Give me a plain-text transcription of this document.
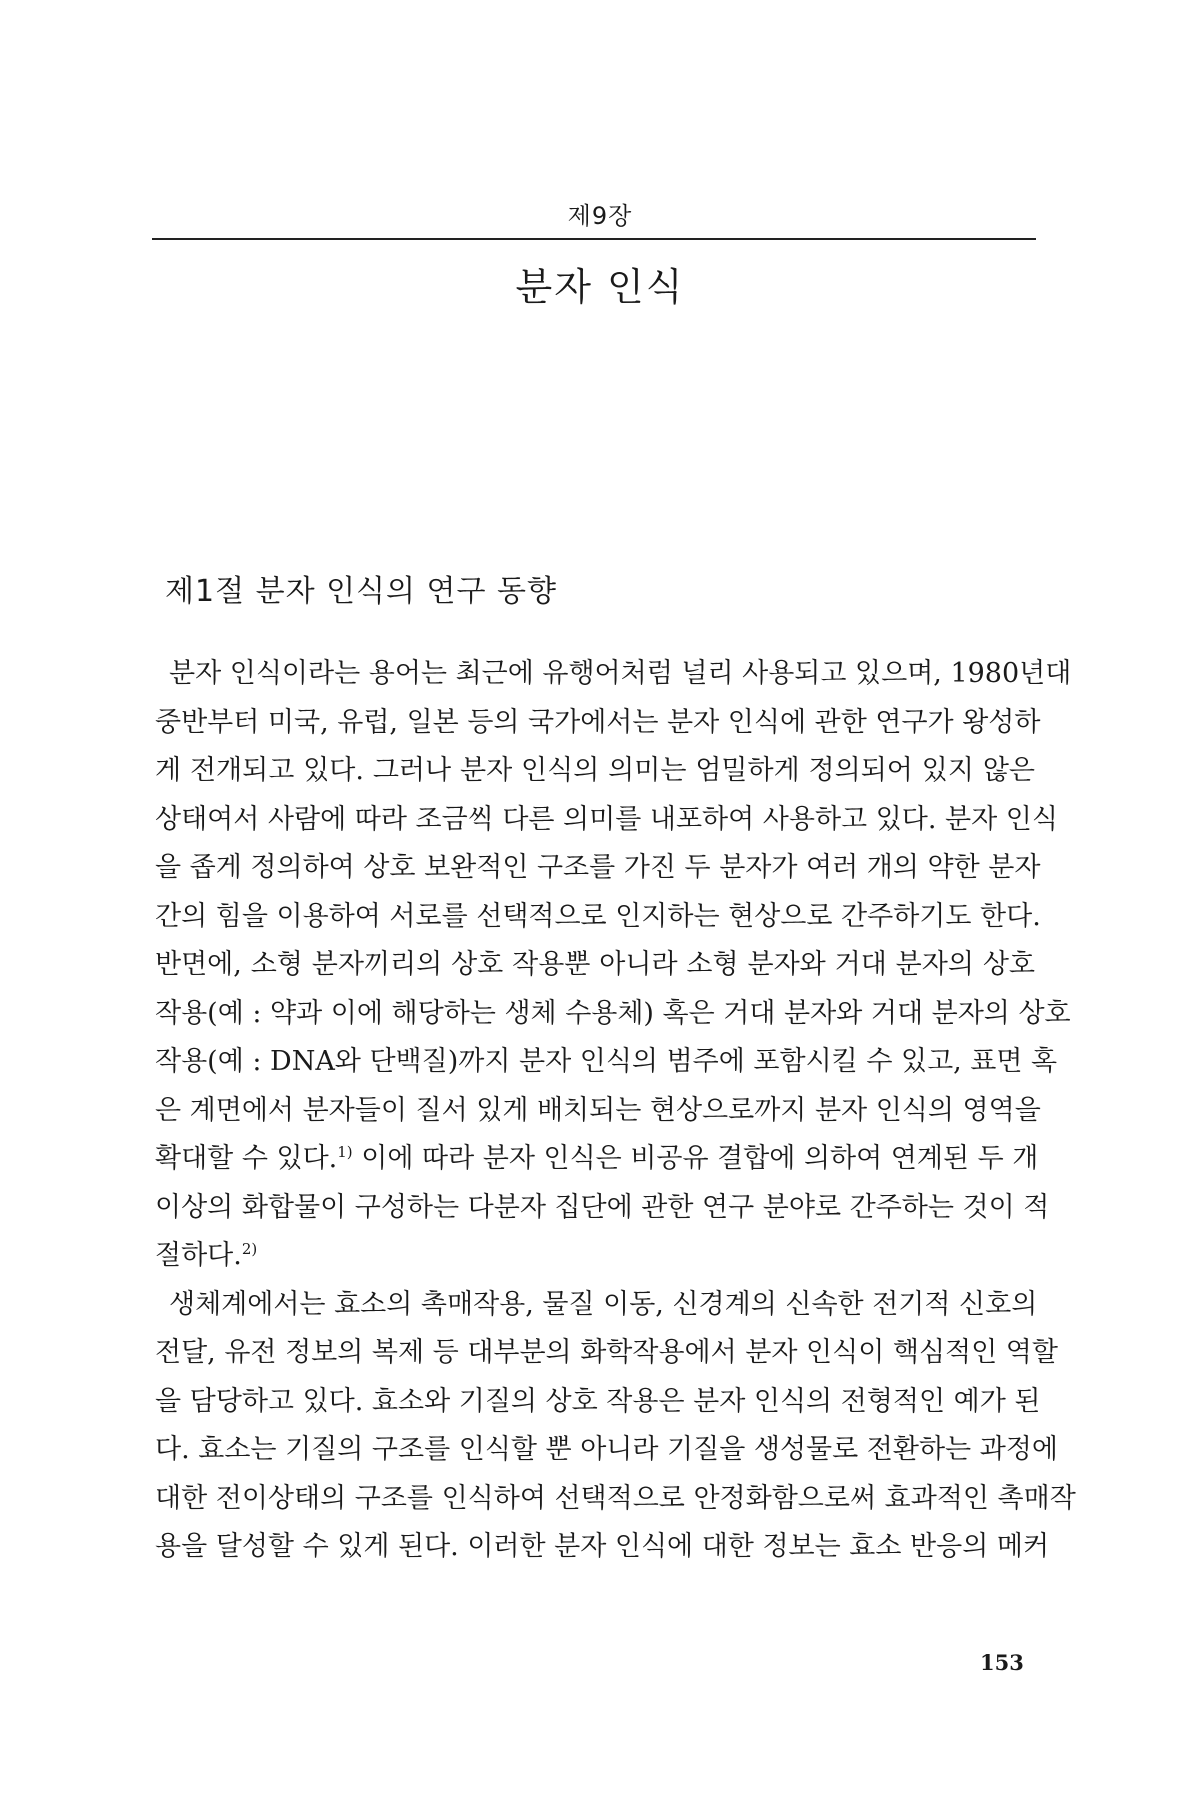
제9장
분자 인식
제1절 분자 인식의 연구 동향

분자 인식이라는 용어는 최근에 유행어처럼 널리 사용되고 있으며, 1980년대
중반부터 미국, 유럽, 일본 등의 국가에서는 분자 인식에 관한 연구가 왕성하
게 전개되고 있다. 그러나 분자 인식의 의미는 엄밀하게 정의되어 있지 않은
상태여서 사람에 따라 조금씩 다른 의미를 내포하여 사용하고 있다. 분자 인식
을 좁게 정의하여 상호 보완적인 구조를 가진 두 분자가 여러 개의 약한 분자
간의 힘을 이용하여 서로를 선택적으로 인지하는 현상으로 간주하기도 한다.
반면에, 소형 분자끼리의 상호 작용뿐 아니라 소형 분자와 거대 분자의 상호
작용(예 : 약과 이에 해당하는 생체 수용체) 혹은 거대 분자와 거대 분자의 상호
작용(예 : DNA와 단백질)까지 분자 인식의 범주에 포함시킬 수 있고, 표면 혹
은 계면에서 분자들이 질서 있게 배치되는 현상으로까지 분자 인식의 영역을
확대할 수 있다.$^{1)}$ 이에 따라 분자 인식은 비공유 결합에 의하여 연계된 두 개
이상의 화합물이 구성하는 다분자 집단에 관한 연구 분야로 간주하는 것이 적
절하다.$^{2)}$

생체계에서는 효소의 촉매작용, 물질 이동, 신경계의 신속한 전기적 신호의
전달, 유전 정보의 복제 등 대부분의 화학작용에서 분자 인식이 핵심적인 역할
을 담당하고 있다. 효소와 기질의 상호 작용은 분자 인식의 전형적인 예가 된
다. 효소는 기질의 구조를 인식할 뿐 아니라 기질을 생성물로 전환하는 과정에
대한 전이상태의 구조를 인식하여 선택적으로 안정화함으로써 효과적인 촉매작
용을 달성할 수 있게 된다. 이러한 분자 인식에 대한 정보는 효소 반응의 메커

153
